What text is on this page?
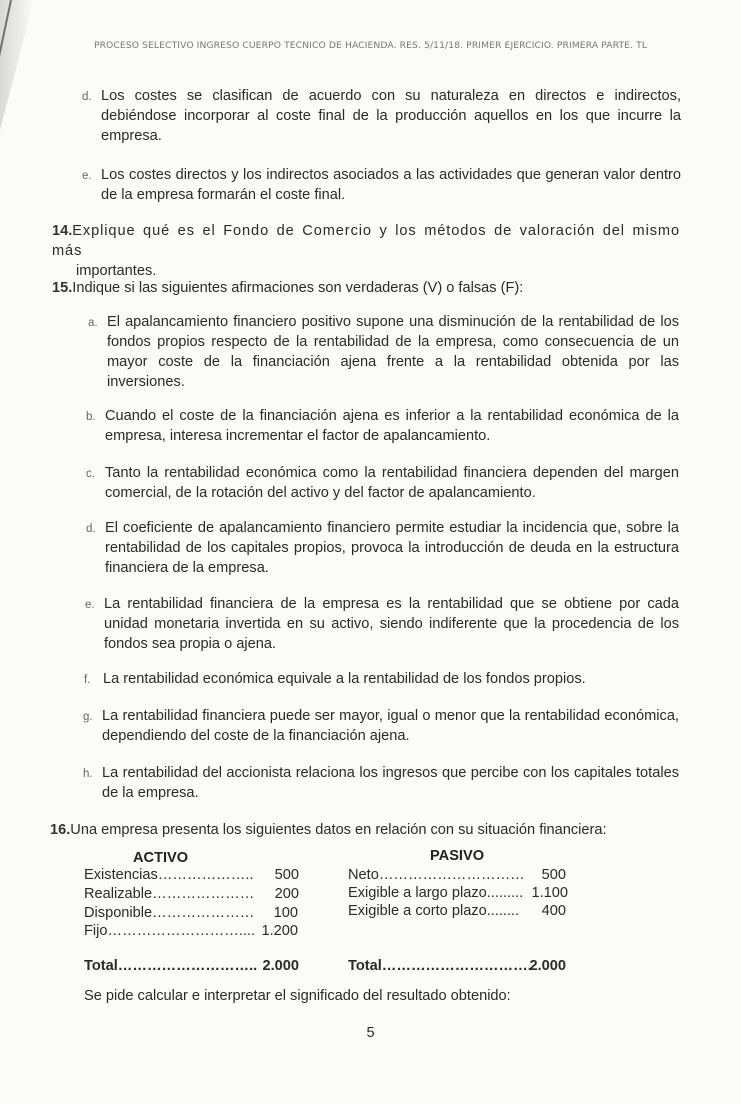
PROCESO SELECTIVO INGRESO CUERPO TECNICO DE HACIENDA. RES. 5/11/18. PRIMER EJERCICIO. PRIMERA PARTE. TL
d. Los costes se clasifican de acuerdo con su naturaleza en directos e indirectos, debiéndose incorporar al coste final de la producción aquellos en los que incurre la empresa.
e. Los costes directos y los indirectos asociados a las actividades que generan valor dentro de la empresa formarán el coste final.
14.Explique qué es el Fondo de Comercio y los métodos de valoración del mismo más
importantes.
15.Indique si las siguientes afirmaciones son verdaderas (V) o falsas (F):
a. El apalancamiento financiero positivo supone una disminución de la rentabilidad de los fondos propios respecto de la rentabilidad de la empresa, como consecuencia de un mayor coste de la financiación ajena frente a la rentabilidad obtenida por las inversiones.
b. Cuando el coste de la financiación ajena es inferior a la rentabilidad económica de la empresa, interesa incrementar el factor de apalancamiento.
c. Tanto la rentabilidad económica como la rentabilidad financiera dependen del margen comercial, de la rotación del activo y del factor de apalancamiento.
d. El coeficiente de apalancamiento financiero permite estudiar la incidencia que, sobre la rentabilidad de los capitales propios, provoca la introducción de deuda en la estructura financiera de la empresa.
e. La rentabilidad financiera de la empresa es la rentabilidad que se obtiene por cada unidad monetaria invertida en su activo, siendo indiferente que la procedencia de los fondos sea propia o ajena.
f. La rentabilidad económica equivale a la rentabilidad de los fondos propios.
g. La rentabilidad financiera puede ser mayor, igual o menor que la rentabilidad económica, dependiendo del coste de la financiación ajena.
h. La rentabilidad del accionista relaciona los ingresos que percibe con los capitales totales de la empresa.
16.Una empresa presenta los siguientes datos en relación con su situación financiera:
ACTIVO	PASIVO
Existencias……………….. 500
Realizable………………… 200
Disponible………………… 100
Fijo……………………….... 1.200
Total……………………….. 2.000
Neto………………………… 500
Exigible a largo plazo......... 1.100
Exigible a corto plazo........ 400
Total………………………….
2.000
Se pide calcular e interpretar el significado del resultado obtenido:
5
